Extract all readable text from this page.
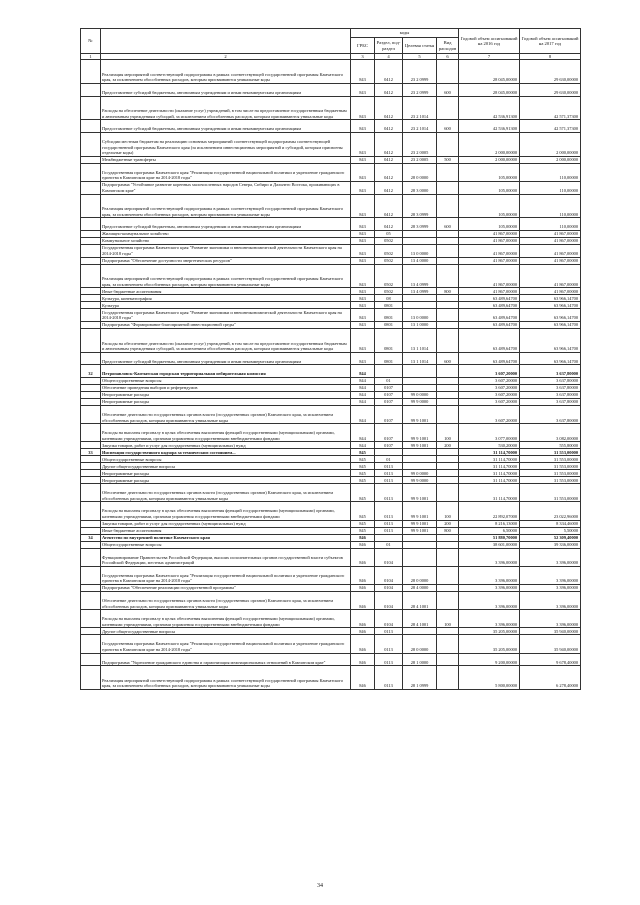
№		коды				Годовой объем ассигнований на 2016 год	Годовой объем ассигнований на 2017 год
		ГРБС	Раздел, под-раздел	Целевая статья	Вид расходов		
1	2	3	4	5	6	7	8
	Реализация мероприятий соответствующей подпрограммы в рамках соответствующей государственной программы Камчатского края, за исключением обособленных расходов, которым присваиваются уникальные коды	843	0412	23 2 0999		28 045,00000	29 630,00000
	Предоставление субсидий бюджетным, автономным учреждениям и иным некоммерческим организациям	843	0412	23 2 0999	600	28 045,00000	29 630,00000
	Расходы на обеспечение деятельности (оказание услуг) учреждений, в том числе на предоставление государственным бюджетным и автономным учреждениям субсидий, за исключением обособленных расходов, которым присваиваются уникальные коды	843	0412	23 2 1014		42 536,91300	42 571,37300
	Предоставление субсидий бюджетным, автономным учреждениям и иным некоммерческим организациям	843	0412	23 2 1014	600	42 536,91300	42 571,37300
	Субсидии местным бюджетам на реализацию основных мероприятий соответствующей подпрограммы соответствующей государственной программы Камчатского края (за исключением инвестиционных мероприятий и субсидий, которым присвоены отдельные коды)	843	0412	23 2 0005		2 000,00000	2 000,00000
	Межбюджетные трансферты	843	0412	23 2 0005	500	2 000,00000	2 000,00000
	Государственная программа Камчатского края "Реализация государственной национальной политики и укрепление гражданского единства в Камчатском крае на 2014-2018 годы"	843	0412	28 0 0000		105,00000	110,00000
	Подпрограмма "Устойчивое развитие коренных малочисленных народов Севера, Сибири и Дальнего Востока, проживающих в Камчатском крае"	843	0412	28 3 0000		105,00000	110,00000
	Реализация мероприятий соответствующей подпрограммы в рамках соответствующей государственной программы Камчатского края, за исключением обособленных расходов, которым присваиваются уникальные коды	843	0412	28 3 0999		105,00000	110,00000
	Предоставление субсидий бюджетным, автономным учреждениям и иным некоммерческим организациям	843	0412	28 3 0999	600	105,00000	110,00000
	Жилищно-коммунальное хозяйство	843	05			41 867,00000	41 867,00000
	Коммунальное хозяйство	843	0502			41 867,00000	41 867,00000
	Государственная программа Камчатского края "Развитие экономики и внешнеэкономической деятельности Камчатского края на 2014-2018 годы"	843	0502	13 0 0000		41 867,00000	41 867,00000
	Подпрограмма "Обеспечение доступности энергетических ресурсов"	843	0502	13 4 0000		41 867,00000	41 867,00000
	Реализация мероприятий соответствующей подпрограммы в рамках соответствующей государственной программы Камчатского края, за исключением обособленных расходов, которым присваиваются уникальные коды	843	0502	13 4 0999		41 867,00000	41 867,00000
	Иные бюджетные ассигнования	843	0502	13 4 0999	800	41 867,00000	41 867,00000
	Культура, кинематография	843	08			63 489,64700	63 966,14700
	Культура	843	0801			63 489,64700	63 966,14700
	Государственная программа Камчатского края "Развитие экономики и внешнеэкономической деятельности Камчатского края на 2014-2018 годы"	843	0801	13 0 0000		63 489,64700	63 966,14700
	Подпрограмма "Формирование благоприятной инвестиционной среды"	843	0801	13 1 0000		63 489,64700	63 966,14700
	Расходы на обеспечение деятельности (оказание услуг) учреждений, в том числе на предоставление государственным бюджетным и автономным учреждениям субсидий, за исключением обособленных расходов, которым присваиваются уникальные коды	843	0801	13 1 1014		63 489,64700	63 966,14700
	Предоставление субсидий бюджетным, автономным учреждениям и иным некоммерческим организациям	843	0801	13 1 1014	600	63 489,64700	63 966,14700
32	Петропавловск-Камчатская городская территориальная избирательная комиссия	844				3 607,20000	3 637,80000
	Общегосударственные вопросы	844	01			3 607,20000	3 637,80000
	Обеспечение проведения выборов и референдумов	844	0107			3 607,20000	3 637,80000
	Непрограммные расходы	844	0107	99 0 0000		3 607,20000	3 637,80000
	Непрограммные расходы	844	0107	99 9 0000		3 607,20000	3 637,80000
	Обеспечение деятельности государственных органов власти (государственных органов) Камчатского края, за исключением обособленных расходов, которым присваиваются уникальные коды	844	0107	99 9 1001		3 607,20000	3 637,80000
	Расходы на выплаты персоналу в целях обеспечения выполнения функций государственными (муниципальными) органами, казенными учреждениями, органами управления государственными внебюджетными фондами	844	0107	99 9 1001	100	3 077,00000	3 082,00000
	Закупка товаров, работ и услуг для государственных (муниципальных) нужд	844	0107	99 9 1001	200	530,20000	555,80000
33	Инспекция государственного надзора за техническим состоянием...	845				31 114,70000	31 553,00000
	Общегосударственные вопросы	845	01			31 114,70000	31 553,00000
	Другие общегосударственные вопросы	845	0113			31 114,70000	31 553,00000
	Непрограммные расходы	845	0113	99 0 0000		31 114,70000	31 553,00000
	Непрограммные расходы	845	0113	99 9 0000		31 114,70000	31 553,00000
	Обеспечение деятельности государственных органов власти (государственных органов) Камчатского края, за исключением обособленных расходов, которым присваиваются уникальные коды	845	0113	99 9 1001		31 114,70000	31 553,00000
	Расходы на выплаты персоналу в целях обеспечения выполнения функций государственными (муниципальными) органами, казенными учреждениями, органами управления государственными внебюджетными фондами	845	0113	99 9 1001	100	22 892,07000	23 022,96000
	Закупка товаров, работ и услуг для государственных (муниципальных) нужд	845	0113	99 9 1001	200	8 216,13000	8 334,46000
	Иные бюджетные ассигнования	845	0113	99 9 1001	800	6,50000	5,50000
34	Агентство по внутренней политике Камчатского края	846				51 880,70000	52 309,40000
	Общегосударственные вопросы	846	01			38 601,00000	39 336,00000
	Функционирование Правительства Российской Федерации, высших исполнительных органов государственной власти субъектов Российской Федерации, местных администраций	846	0104			3 396,00000	3 396,00000
	Государственная программа Камчатского края "Реализация государственной национальной политики и укрепление гражданского единства в Камчатском крае на 2014-2018 годы"	846	0104	28 0 0000		3 396,00000	3 396,00000
	Подпрограмма "Обеспечение реализации государственной программы"	846	0104	28 4 0000		3 396,00000	3 396,00000
	Обеспечение деятельности государственных органов власти (государственных органов) Камчатского края, за исключением обособленных расходов, которым присваиваются уникальные коды	846	0104	28 4 1001		3 396,00000	3 396,00000
	Расходы на выплаты персоналу в целях обеспечения выполнения функций государственными (муниципальными) органами, казенными учреждениями, органами управления государственными внебюджетными фондами	846	0104	28 4 1001	100	3 396,00000	3 396,00000
	Другие общегосударственные вопросы	846	0113			35 205,00000	35 940,00000
	Государственная программа Камчатского края "Реализация государственной национальной политики и укрепление гражданского единства в Камчатском крае на 2014-2018 годы"	846	0113	28 0 0000		35 205,00000	35 940,00000
	Подпрограмма "Укрепление гражданского единства и гармонизация межнациональных отношений в Камчатском крае"	846	0113	28 1 0000		9 200,00000	9 678,40000
	Реализация мероприятий соответствующей подпрограммы в рамках соответствующей государственной программы Камчатского края, за исключением обособленных расходов, которым присваиваются уникальные коды	846	0113	28 1 0999		5 800,00000	6 278,40000
34
